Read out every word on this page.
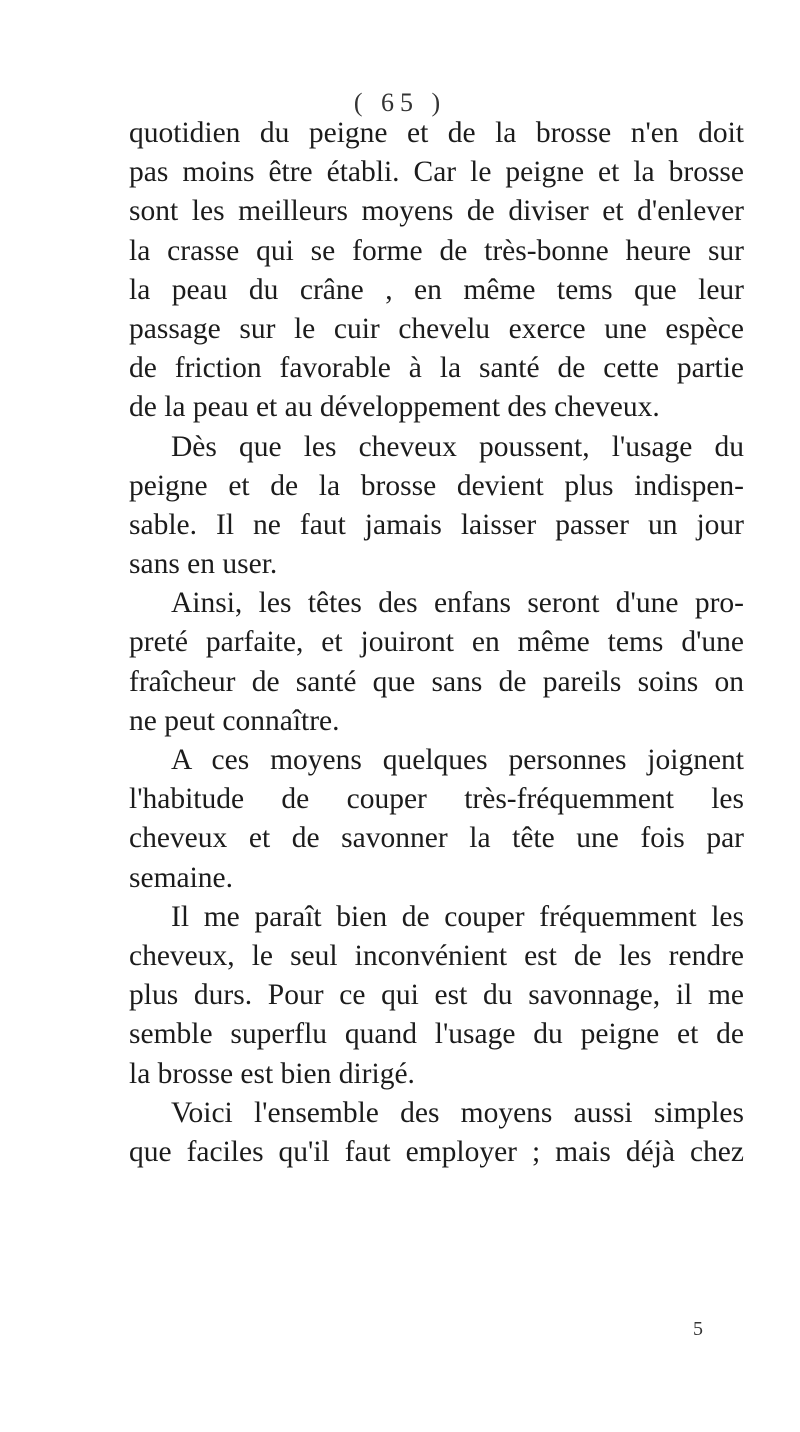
( 65 )
quotidien du peigne et de la brosse n'en doit
pas moins être établi. Car le peigne et la brosse
sont les meilleurs moyens de diviser et d'enlever
la crasse qui se forme de très-bonne heure sur
la peau du crâne , en même tems que leur
passage sur le cuir chevelu exerce une espèce
de friction favorable à la santé de cette partie
de la peau et au développement des cheveux.
Dès que les cheveux poussent, l'usage du
peigne et de la brosse devient plus indispen-
sable. Il ne faut jamais laisser passer un jour
sans en user.
Ainsi, les têtes des enfans seront d'une pro-
preté parfaite, et jouiront en même tems d'une
fraîcheur de santé que sans de pareils soins on
ne peut connaître.
A ces moyens quelques personnes joignent
l'habitude de couper très-fréquemment les
cheveux et de savonner la tête une fois par
semaine.
Il me paraît bien de couper fréquemment les
cheveux, le seul inconvénient est de les rendre
plus durs. Pour ce qui est du savonnage, il me
semble superflu quand l'usage du peigne et de
la brosse est bien dirigé.
Voici l'ensemble des moyens aussi simples
que faciles qu'il faut employer ; mais déjà chez
5
